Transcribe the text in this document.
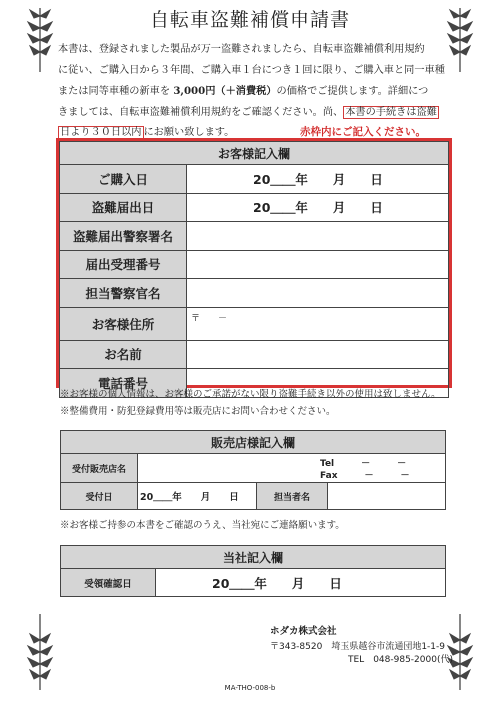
自転車盗難補償申請書
本書は、登録されました製品が万一盗難されましたら、自転車盗難補償利用規約
に従い、ご購入日から３年間、ご購入車１台につき１回に限り、ご購入車と同一車種
または同等車種の新車を 3,000円（＋消費税）の価格でご提供します。詳細につ
きましては、自転車盗難補償利用規約をご確認ください。尚、 本書の手続きは盗難
日より３０日以内 にお願い致します。	赤枠内にご記入ください。
お客様記入欄	
ご購入日	20＿＿年　　月　　日
盗難届出日	20＿＿年　　月　　日
盗難届出警察署名	
届出受理番号	
担当警察官名	
お客様住所	〒　　－
お名前	
電話番号	
※お客様の個人情報は、お客様のご承諾がない限り盗難手続き以外の使用は致しません。
※整備費用・防犯登録費用等は販売店にお問い合わせください。
販売店様記入欄			
受付販売店名	Tel　　　－　　　－
Fax　　　－　　　－		

受付日	20＿＿年　　月　　日	担当者名	
※お客様ご持参の本書をご確認のうえ、当社宛にご連絡願います。
当社記入欄
受領確認日	20＿＿年　　月　　日
ホダカ株式会社
〒343-8520　埼玉県越谷市流通団地1-1-9
TEL　048-985-2000(代)
MA-THO-008-b
